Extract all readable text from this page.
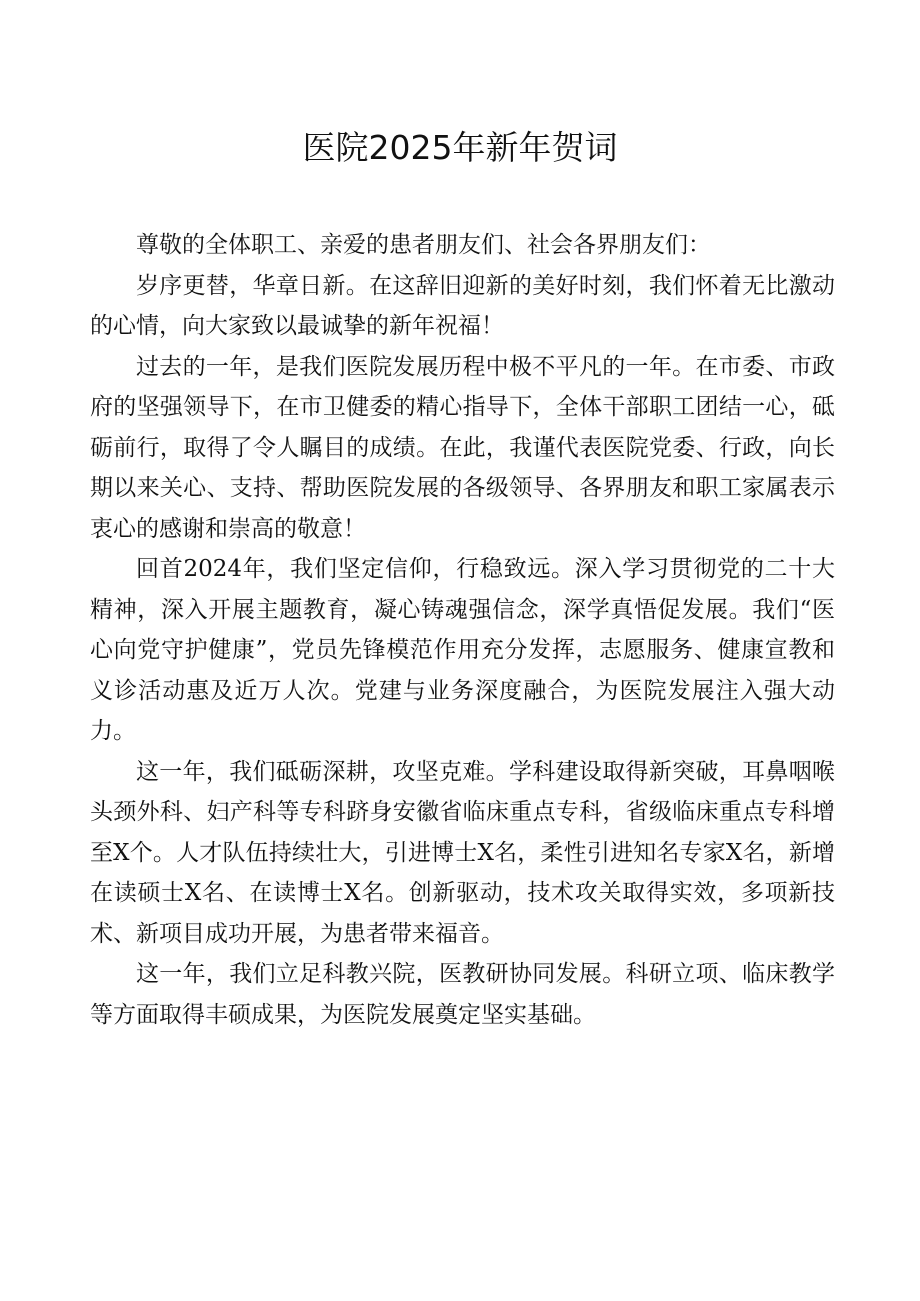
医院2025年新年贺词

尊敬的全体职工、亲爱的患者朋友们、社会各界朋友们：

岁序更替，华章日新。在这辞旧迎新的美好时刻，我们怀着无比激动的心情，向大家致以最诚挚的新年祝福！

过去的一年，是我们医院发展历程中极不平凡的一年。在市委、市政府的坚强领导下，在市卫健委的精心指导下，全体干部职工团结一心，砥砺前行，取得了令人瞩目的成绩。在此，我谨代表医院党委、行政，向长期以来关心、支持、帮助医院发展的各级领导、各界朋友和职工家属表示衷心的感谢和崇高的敬意！

回首2024年，我们坚定信仰，行稳致远。深入学习贯彻党的二十大精神，深入开展主题教育，凝心铸魂强信念，深学真悟促发展。我们“医心向党守护健康”，党员先锋模范作用充分发挥，志愿服务、健康宣教和义诊活动惠及近万人次。党建与业务深度融合，为医院发展注入强大动力。

这一年，我们砥砺深耕，攻坚克难。学科建设取得新突破，耳鼻咽喉头颈外科、妇产科等专科跻身安徽省临床重点专科，省级临床重点专科增至X个。人才队伍持续壮大，引进博士X名，柔性引进知名专家X名，新增在读硕士X名、在读博士X名。创新驱动，技术攻关取得实效，多项新技术、新项目成功开展，为患者带来福音。

这一年，我们立足科教兴院，医教研协同发展。科研立项、临床教学等方面取得丰硕成果，为医院发展奠定坚实基础。
